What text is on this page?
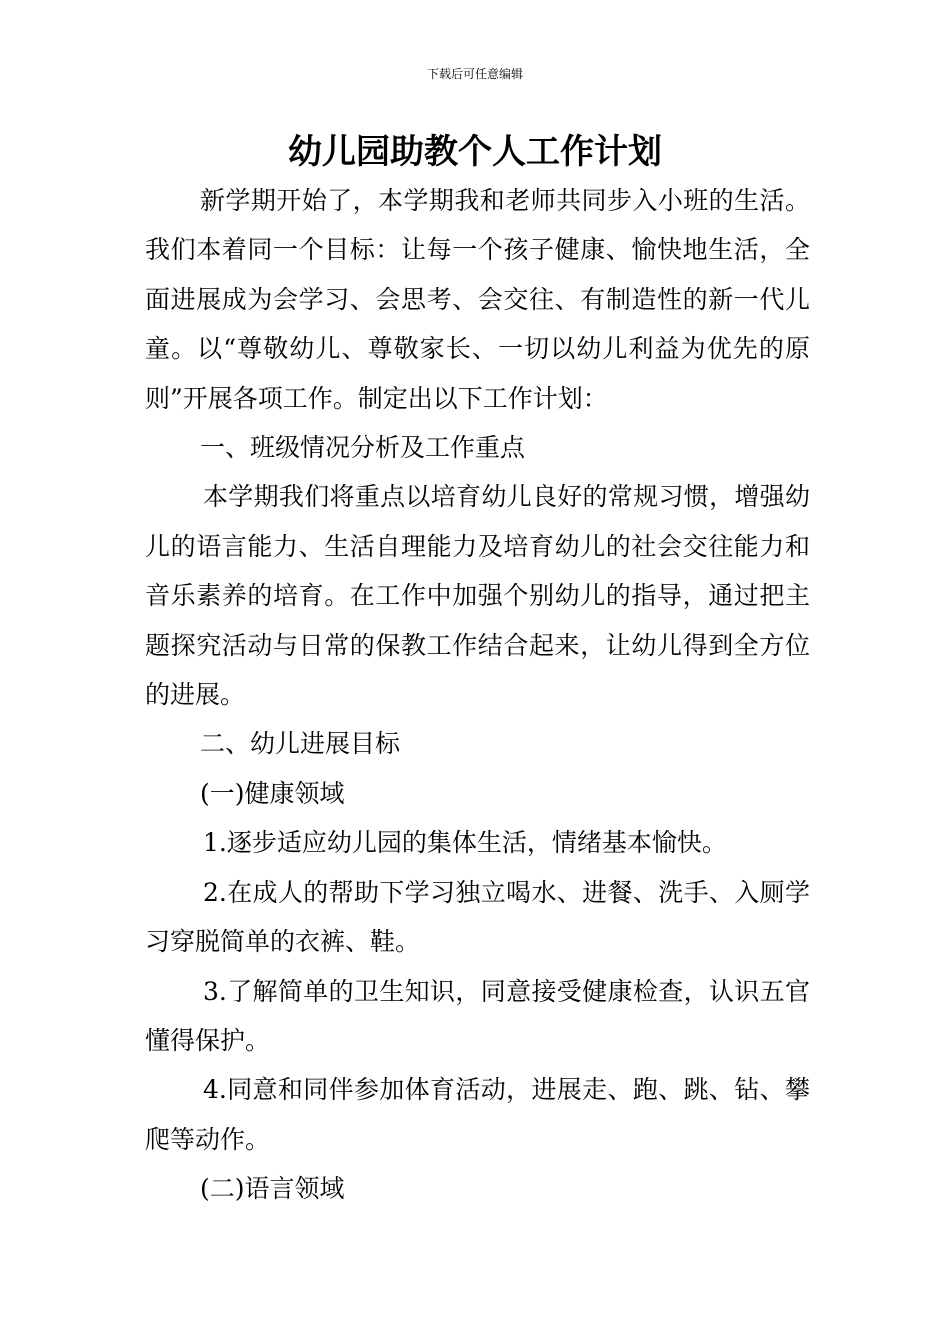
下载后可任意编辑
幼儿园助教个人工作计划

新学期开始了，本学期我和老师共同步入小班的生活。我们本着同一个目标：让每一个孩子健康、愉快地生活，全面进展成为会学习、会思考、会交往、有制造性的新一代儿童。以“尊敬幼儿、尊敬家长、一切以幼儿利益为优先的原则”开展各项工作。制定出以下工作计划：

一、班级情况分析及工作重点

本学期我们将重点以培育幼儿良好的常规习惯，增强幼儿的语言能力、生活自理能力及培育幼儿的社会交往能力和音乐素养的培育。在工作中加强个别幼儿的指导，通过把主题探究活动与日常的保教工作结合起来，让幼儿得到全方位的进展。

二、幼儿进展目标

(一)健康领域

1.逐步适应幼儿园的集体生活，情绪基本愉快。

2.在成人的帮助下学习独立喝水、进餐、洗手、入厕学习穿脱简单的衣裤、鞋。

3.了解简单的卫生知识，同意接受健康检查，认识五官懂得保护。

4.同意和同伴参加体育活动，进展走、跑、跳、钻、攀爬等动作。

(二)语言领域
